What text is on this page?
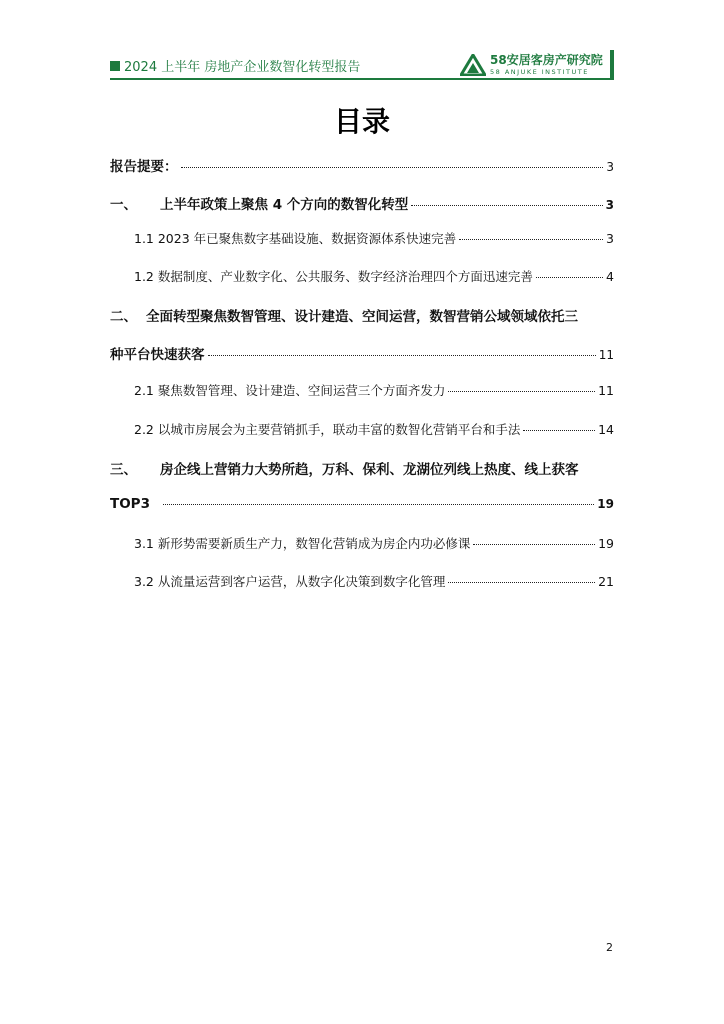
2024 上半年 房地产企业数智化转型报告	58安居客房产研究院
58 ANJUKE INSTITUTE
目录
报告提要：	3
一、 上半年政策上聚焦 4 个方向的数智化转型	3
1.1 2023 年已聚焦数字基础设施、数据资源体系快速完善	3
1.2 数据制度、产业数字化、公共服务、数字经济治理四个方面迅速完善	4
二、 全面转型聚焦数智管理、设计建造、空间运营，数智营销公域领域依托三
种平台快速获客	11
2.1 聚焦数智管理、设计建造、空间运营三个方面齐发力	11
2.2 以城市房展会为主要营销抓手，联动丰富的数智化营销平台和手法	14
三、 房企线上营销力大势所趋，万科、保利、龙湖位列线上热度、线上获客
TOP3	19
3.1 新形势需要新质生产力，数智化营销成为房企内功必修课	19
3.2 从流量运营到客户运营，从数字化决策到数字化管理	21
2
